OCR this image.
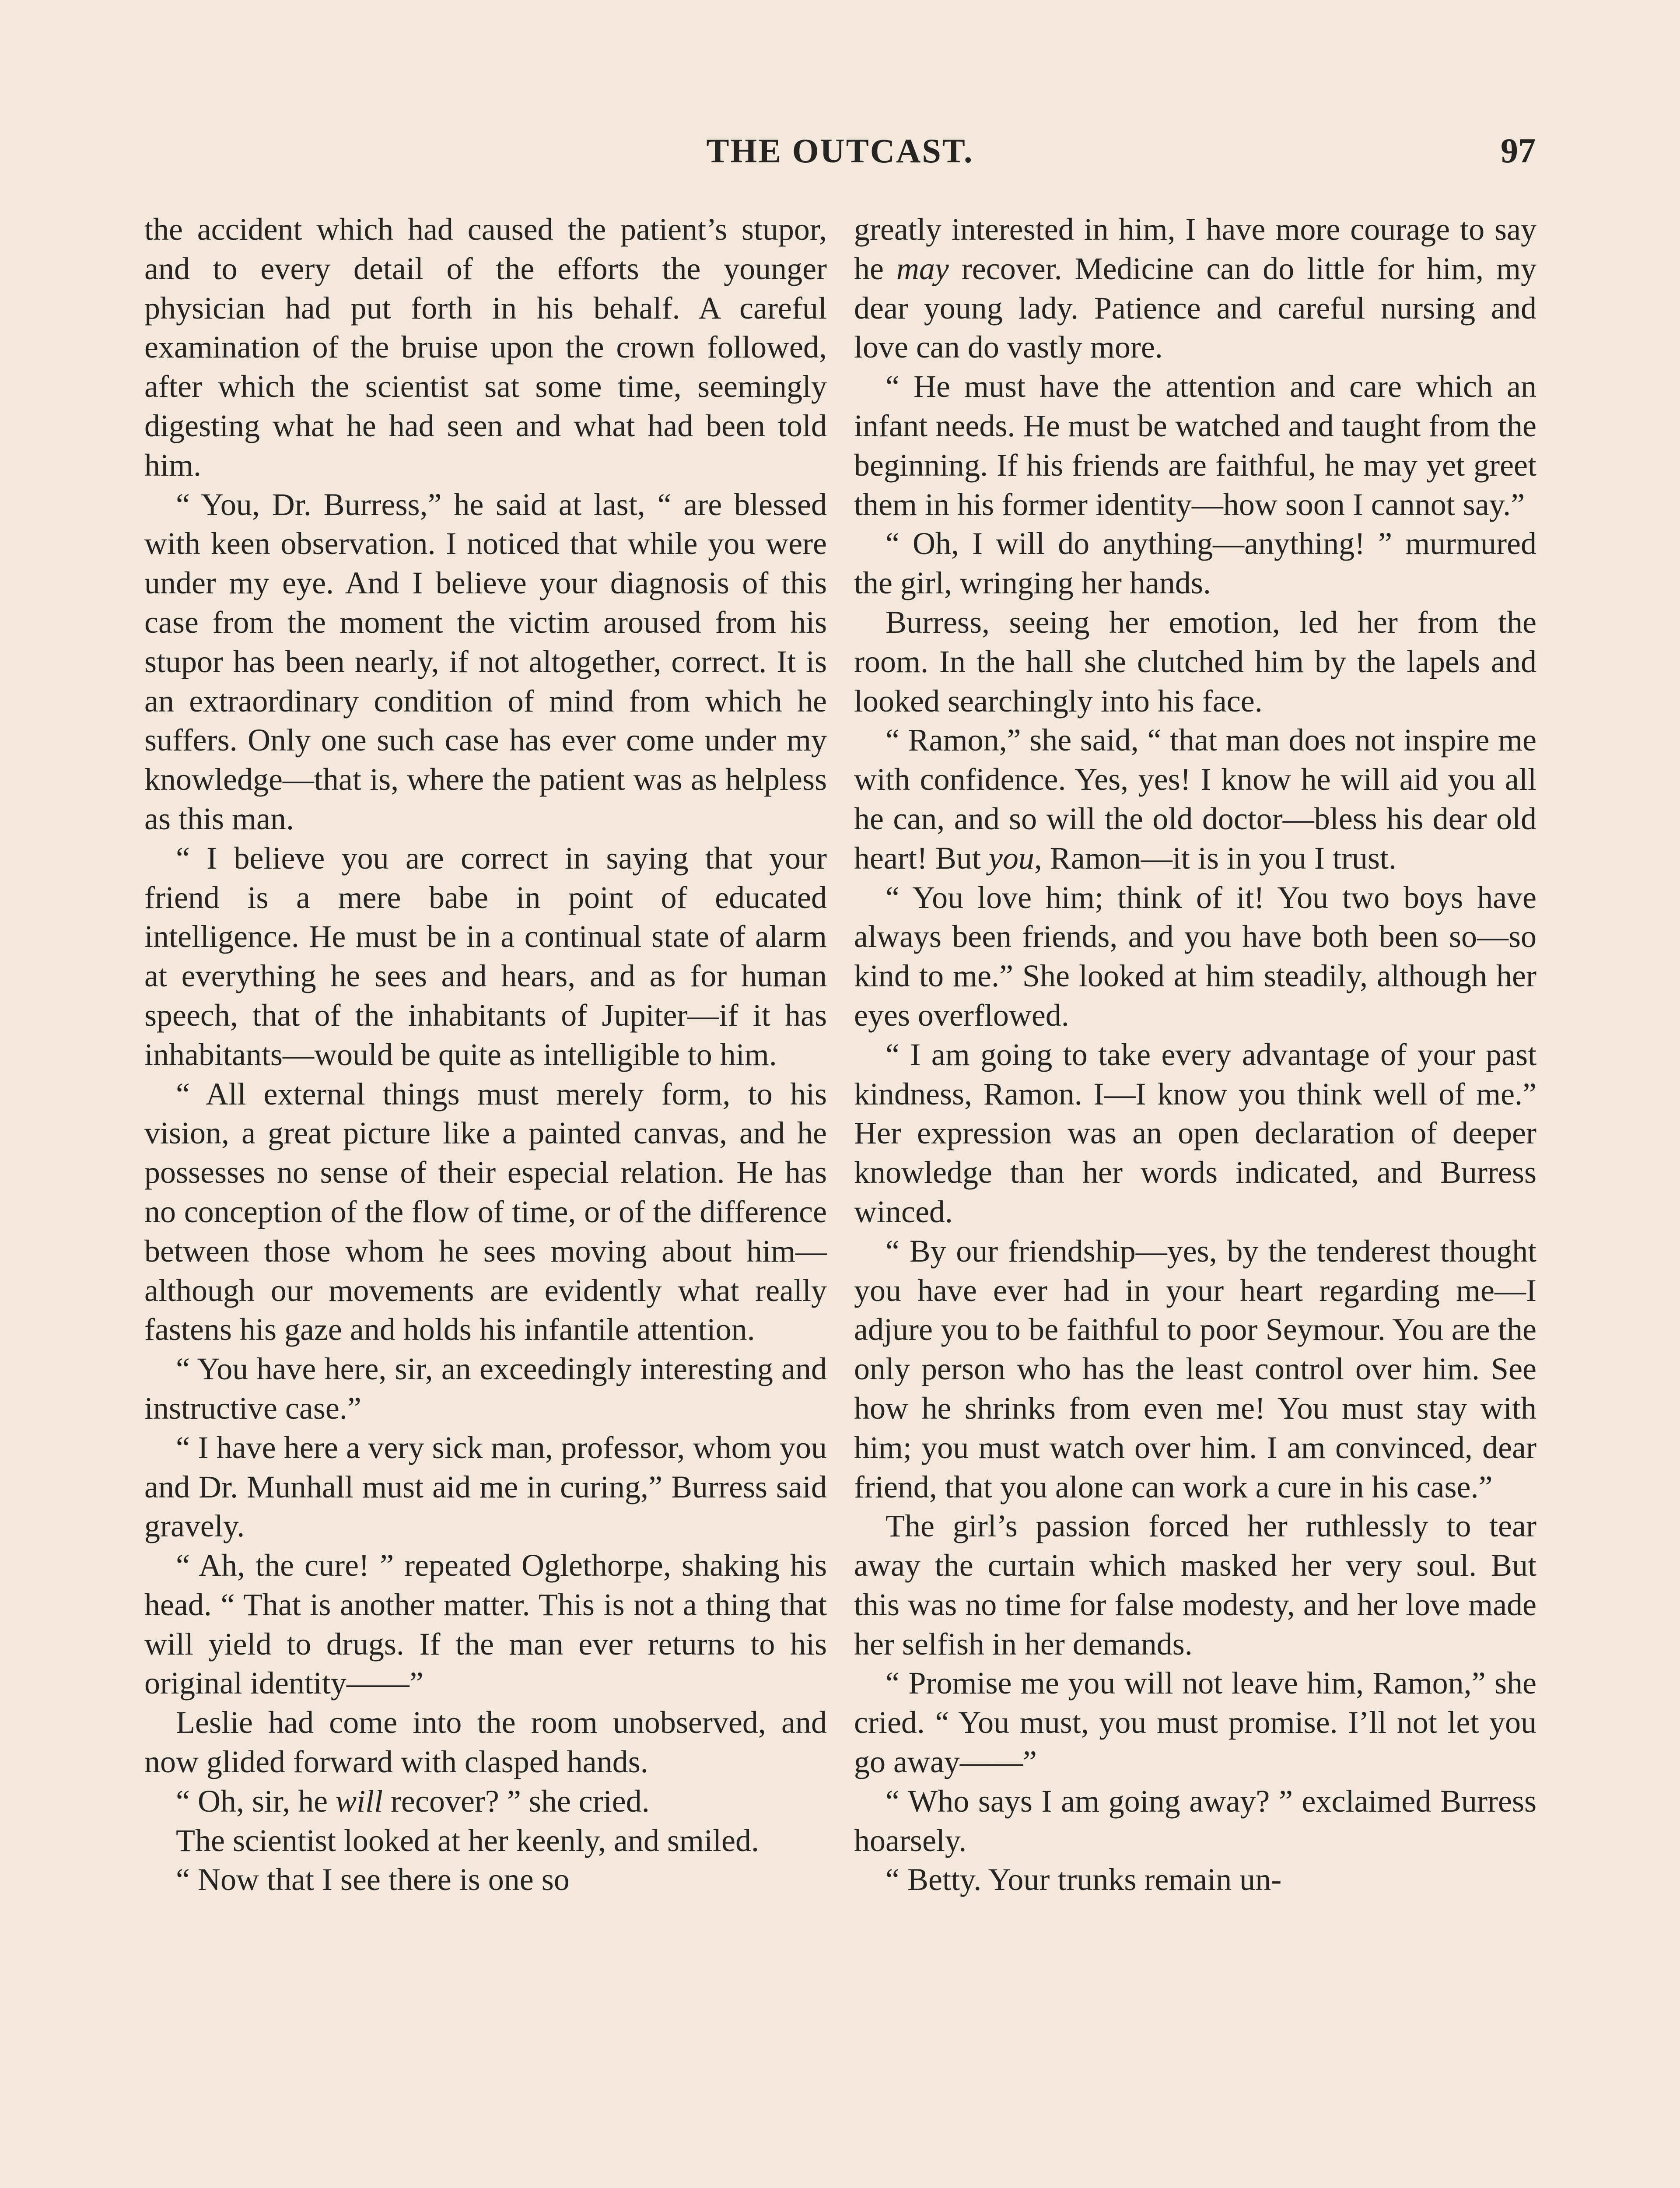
THE OUTCAST.	97

the accident which had caused the patient’s stupor, and to every detail of the efforts the younger physician had put forth in his behalf. A careful examination of the bruise upon the crown followed, after which the scientist sat some time, seemingly digesting what he had seen and what had been told him.

“ You, Dr. Burress,” he said at last, “ are blessed with keen observation. I noticed that while you were under my eye. And I believe your diagnosis of this case from the moment the victim aroused from his stupor has been nearly, if not altogether, correct. It is an extraordinary condition of mind from which he suffers. Only one such case has ever come under my knowledge—that is, where the patient was as helpless as this man.

“ I believe you are correct in saying that your friend is a mere babe in point of educated intelligence. He must be in a continual state of alarm at everything he sees and hears, and as for human speech, that of the inhabitants of Jupiter—if it has inhabitants—would be quite as intelligible to him.

“ All external things must merely form, to his vision, a great picture like a painted canvas, and he possesses no sense of their especial relation. He has no conception of the flow of time, or of the difference between those whom he sees moving about him—although our movements are evidently what really fastens his gaze and holds his infantile attention.

“ You have here, sir, an exceedingly interesting and instructive case.”

“ I have here a very sick man, professor, whom you and Dr. Munhall must aid me in curing,” Burress said gravely.

“ Ah, the cure! ” repeated Oglethorpe, shaking his head. “ That is another matter. This is not a thing that will yield to drugs. If the man ever returns to his original identity——”

Leslie had come into the room unobserved, and now glided forward with clasped hands.

“ Oh, sir, he will recover? ” she cried.

The scientist looked at her keenly, and smiled.

“ Now that I see there is one so

greatly interested in him, I have more courage to say he may recover. Medicine can do little for him, my dear young lady. Patience and careful nursing and love can do vastly more.

“ He must have the attention and care which an infant needs. He must be watched and taught from the beginning. If his friends are faithful, he may yet greet them in his former identity—how soon I cannot say.”

“ Oh, I will do anything—anything! ” murmured the girl, wringing her hands.

Burress, seeing her emotion, led her from the room. In the hall she clutched him by the lapels and looked searchingly into his face.

“ Ramon,” she said, “ that man does not inspire me with confidence. Yes, yes! I know he will aid you all he can, and so will the old doctor—bless his dear old heart! But you, Ramon—it is in you I trust.

“ You love him; think of it! You two boys have always been friends, and you have both been so—so kind to me.” She looked at him steadily, although her eyes overflowed.

“ I am going to take every advantage of your past kindness, Ramon. I—I know you think well of me.” Her expression was an open declaration of deeper knowledge than her words indicated, and Burress winced.

“ By our friendship—yes, by the tenderest thought you have ever had in your heart regarding me—I adjure you to be faithful to poor Seymour. You are the only person who has the least control over him. See how he shrinks from even me! You must stay with him; you must watch over him. I am convinced, dear friend, that you alone can work a cure in his case.”

The girl’s passion forced her ruthlessly to tear away the curtain which masked her very soul. But this was no time for false modesty, and her love made her selfish in her demands.

“ Promise me you will not leave him, Ramon,” she cried. “ You must, you must promise. I’ll not let you go away——”

“ Who says I am going away? ” exclaimed Burress hoarsely.

“ Betty. Your trunks remain un-
